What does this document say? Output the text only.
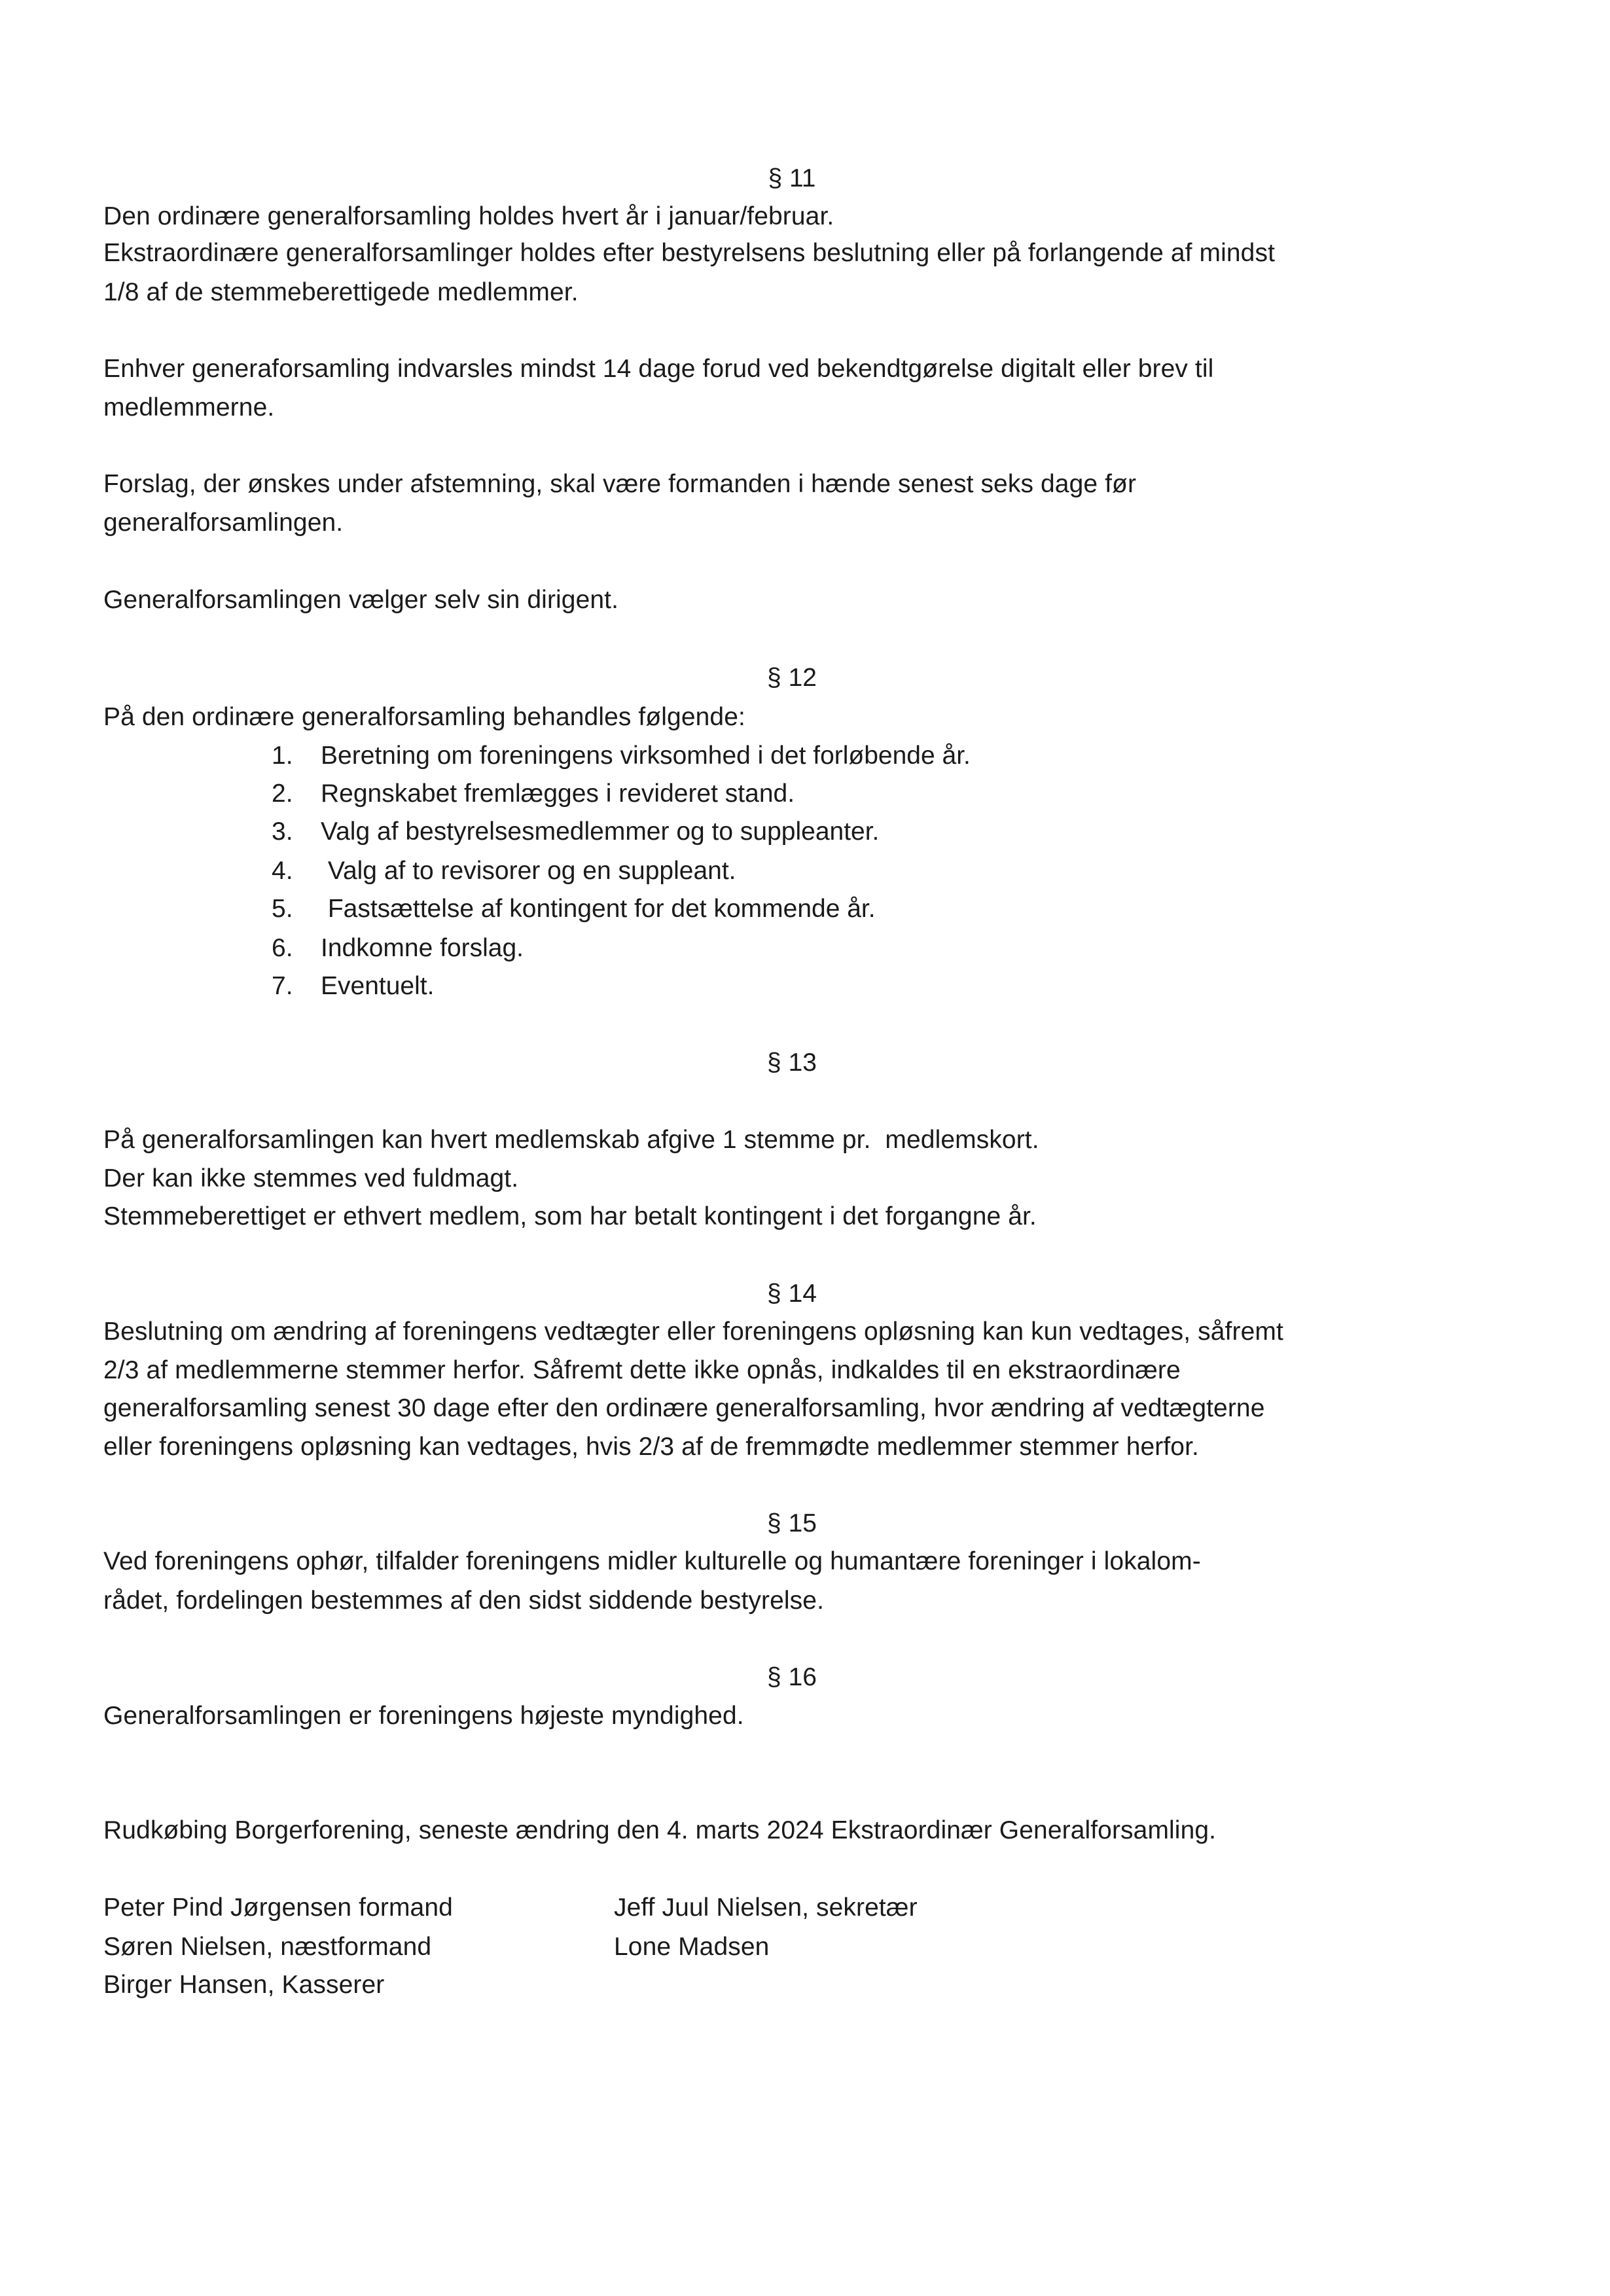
§ 11

Den ordinære generalforsamling holdes hvert år i januar/februar.

Ekstraordinære generalforsamlinger holdes efter bestyrelsens beslutning eller på forlangende af mindst

1/8 af de stemmeberettigede medlemmer.

Enhver generaforsamling indvarsles mindst 14 dage forud ved bekendtgørelse digitalt eller brev til

medlemmerne.

Forslag, der ønskes under afstemning, skal være formanden i hænde senest seks dage før

generalforsamlingen.

Generalforsamlingen vælger selv sin dirigent.

§ 12

På den ordinære generalforsamling behandles følgende:

1. Beretning om foreningens virksomhed i det forløbende år.

2. Regnskabet fremlægges i revideret stand.

3. Valg af bestyrelsesmedlemmer og to suppleanter.

4. Valg af to revisorer og en suppleant.

5. Fastsættelse af kontingent for det kommende år.

6. Indkomne forslag.

7. Eventuelt.

§ 13

På generalforsamlingen kan hvert medlemskab afgive 1 stemme pr.  medlemskort.

Der kan ikke stemmes ved fuldmagt.

Stemmeberettiget er ethvert medlem, som har betalt kontingent i det forgangne år.

§ 14

Beslutning om ændring af foreningens vedtægter eller foreningens opløsning kan kun vedtages, såfremt

2/3 af medlemmerne stemmer herfor. Såfremt dette ikke opnås, indkaldes til en ekstraordinære

generalforsamling senest 30 dage efter den ordinære generalforsamling, hvor ændring af vedtægterne

eller foreningens opløsning kan vedtages, hvis 2/3 af de fremmødte medlemmer stemmer herfor.

§ 15

Ved foreningens ophør, tilfalder foreningens midler kulturelle og humantære foreninger i lokalom-

rådet, fordelingen bestemmes af den sidst siddende bestyrelse.

§ 16

Generalforsamlingen er foreningens højeste myndighed.

Rudkøbing Borgerforening, seneste ændring den 4. marts 2024 Ekstraordinær Generalforsamling.

Peter Pind Jørgensen formand

Søren Nielsen, næstformand

Birger Hansen, Kasserer

Jeff Juul Nielsen, sekretær

Lone Madsen
